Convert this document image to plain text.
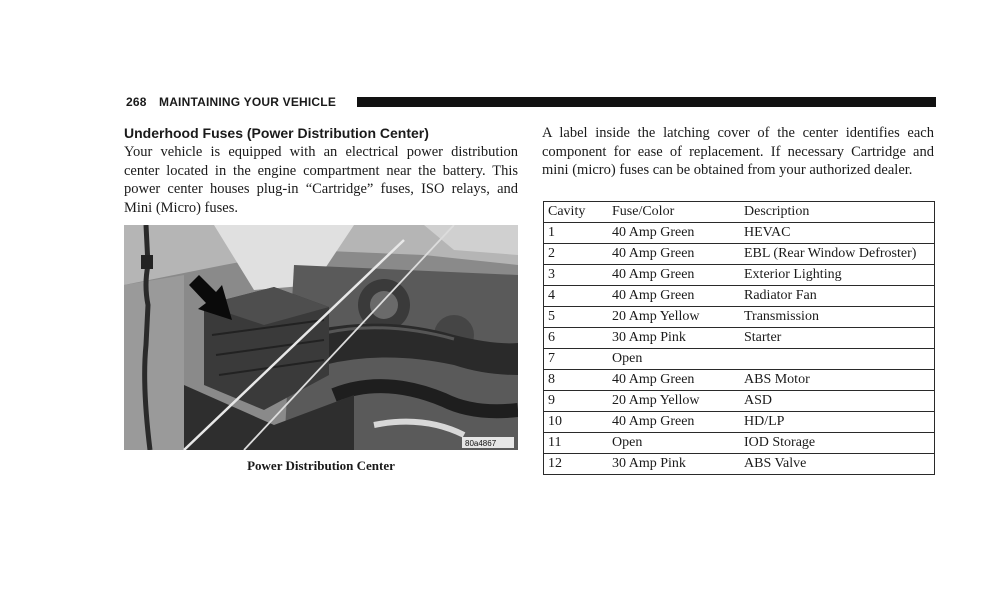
268 MAINTAINING YOUR VEHICLE
Underhood Fuses (Power Distribution Center)

Your vehicle is equipped with an electrical power distribution center located in the engine compartment near the battery. This power center houses plug-in “Cartridge” fuses, ISO relays, and Mini (Micro) fuses.

80a4867
Power Distribution Center

A label inside the latching cover of the center identifies each component for ease of replacement. If necessary Cartridge and mini (micro) fuses can be obtained from your authorized dealer.

Cavity	Fuse/Color	Description
1	40 Amp Green	HEVAC
2	40 Amp Green	EBL (Rear Window Defroster)
3	40 Amp Green	Exterior Lighting
4	40 Amp Green	Radiator Fan
5	20 Amp Yellow	Transmission
6	30 Amp Pink	Starter
7	Open	
8	40 Amp Green	ABS Motor
9	20 Amp Yellow	ASD
10	40 Amp Green	HD/LP
11	Open	IOD Storage
12	30 Amp Pink	ABS Valve
